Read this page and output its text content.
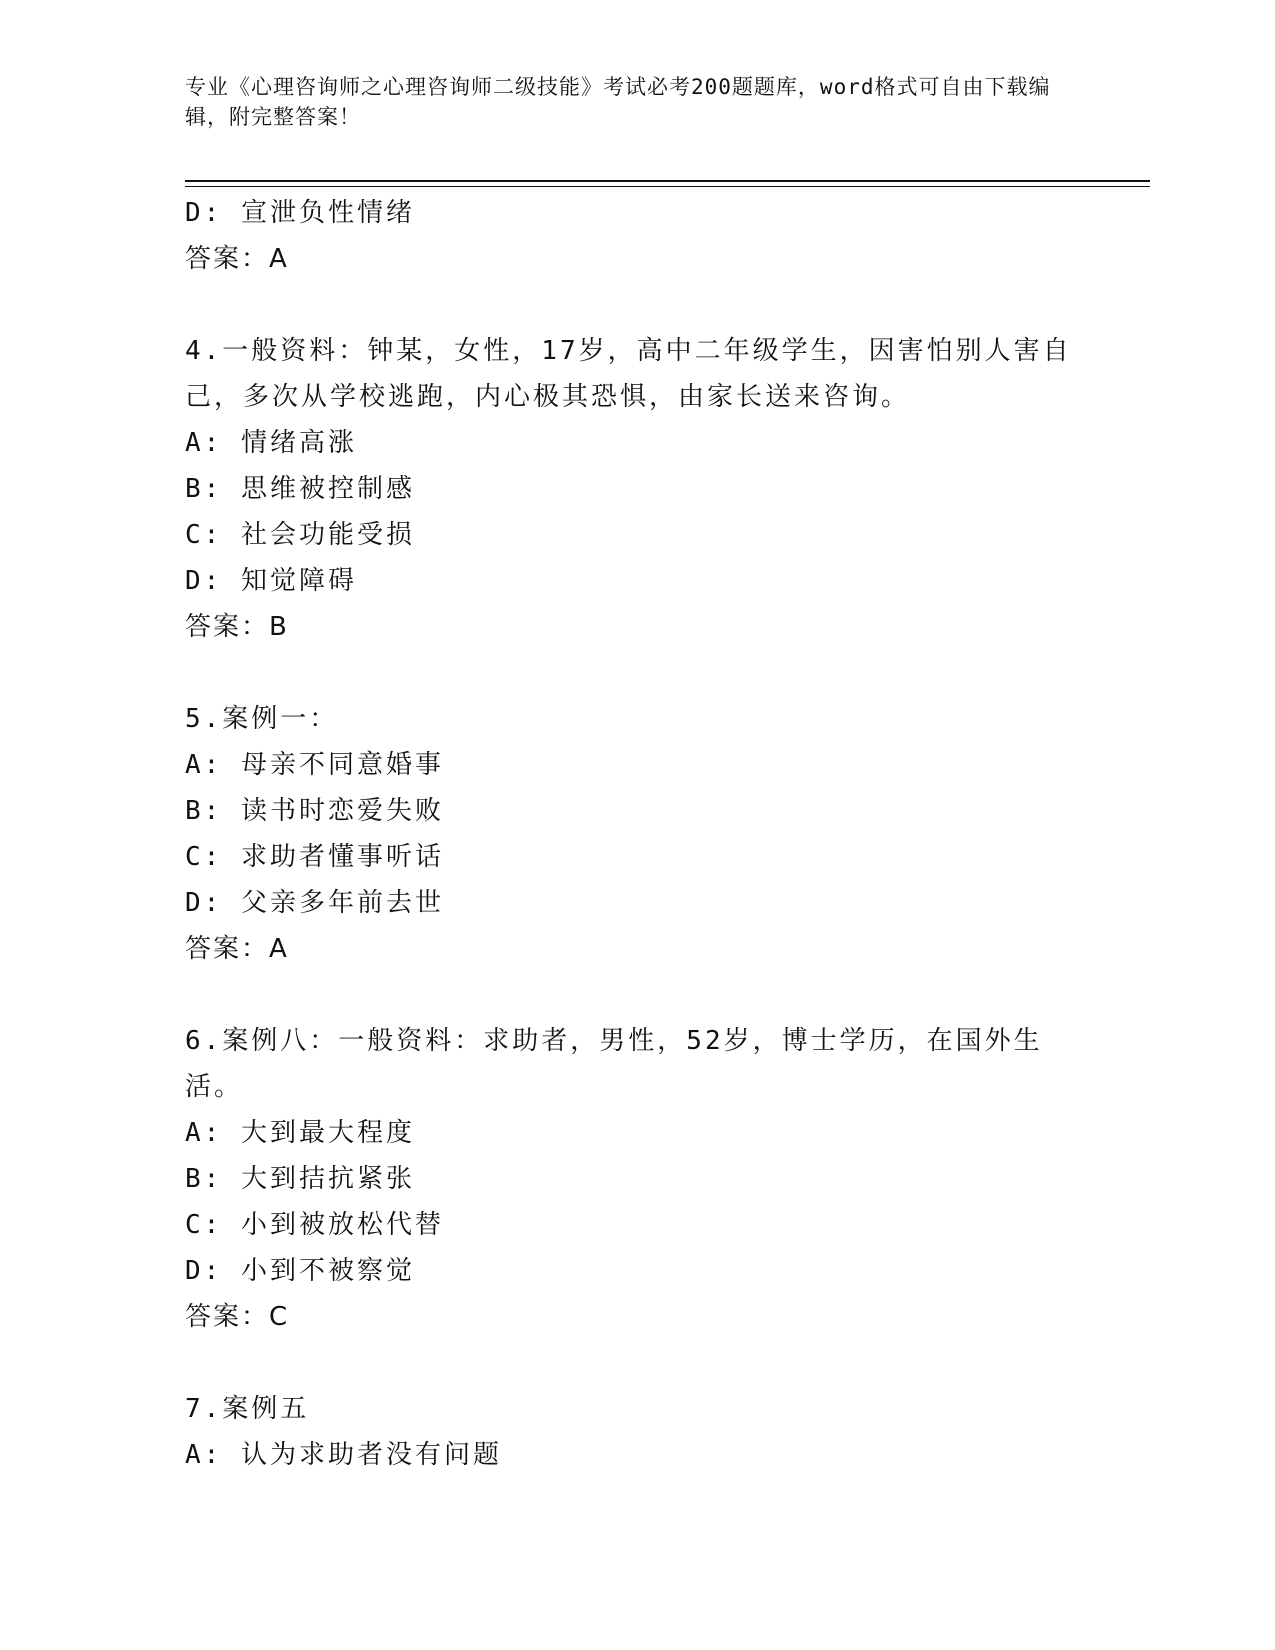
专业《心理咨询师之心理咨询师二级技能》考试必考200题题库，word格式可自由下载编辑，附完整答案！
D: 宣泄负性情绪
答案：A
4.一般资料：钟某，女性，17岁，高中二年级学生，因害怕别人害自己，多次从学校逃跑，内心极其恐惧，由家长送来咨询。
A: 情绪高涨
B: 思维被控制感
C: 社会功能受损
D: 知觉障碍
答案：B
5.案例一：
A: 母亲不同意婚事
B: 读书时恋爱失败
C: 求助者懂事听话
D: 父亲多年前去世
答案：A
6.案例八：一般资料：求助者，男性，52岁，博士学历，在国外生活。
A: 大到最大程度
B: 大到拮抗紧张
C: 小到被放松代替
D: 小到不被察觉
答案：C
7.案例五
A: 认为求助者没有问题
